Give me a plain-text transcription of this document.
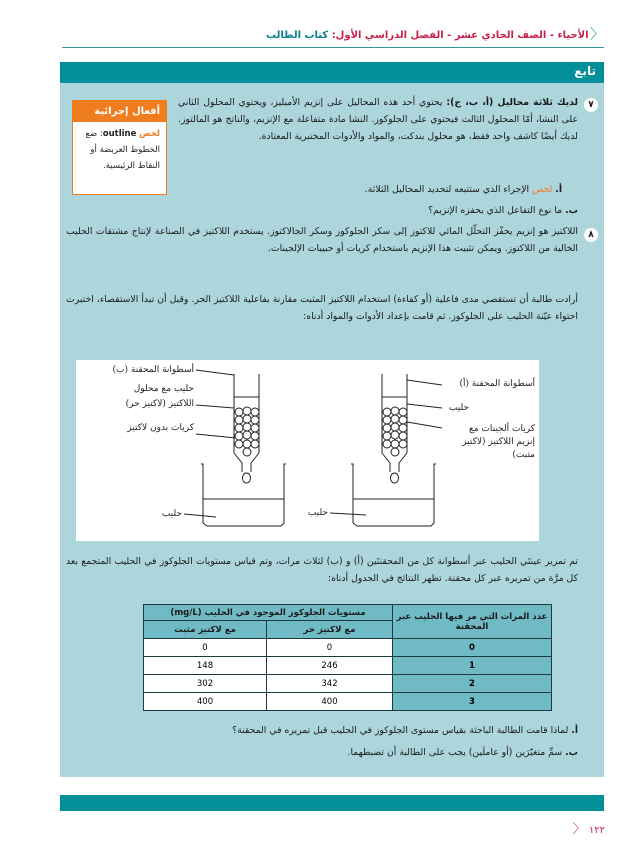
〈 الأحياء - الصف الحادي عشر - الفصل الدراسي الأول: كتاب الطالب
تابع
أفعال إجرائية
لخص outline: ضع الخطوط العريضة أو النقاط الرئيسية.
٧
لديك ثلاثة محاليل (أ، ب، ج): يحتوي أحد هذه المحاليل على إنزيم الأميليز، ويحتوي المحلول الثاني على النشا، أمّا المحلول الثالث فيحتوي على الجلوكوز. النشا مادة متفاعلة مع الإنزيم، والناتج هو المالتوز. لديك أيضًا كاشف واحد فقط، هو محلول بندكت، والمواد والأدوات المختبرية المعتادة.
أ. لخص الإجراء الذي ستتبعه لتحديد المحاليل الثلاثة.
ب. ما نوع التفاعل الذي يحفزه الإنزيم؟
٨
اللاكتيز هو إنزيم يحفّز التحلّل المائي للاكتوز إلى سكر الجلوكوز وسكر الجالاكتوز. يستخدم اللاكتيز في الصناعة لإنتاج مشتقات الحليب الخالية من اللاكتوز. ويمكن تثبيت هذا الإنزيم باستخدام كريات أو حبيبات الإلجينات.
أرادت طالبة أن تستقصي مدى فاعلية (أو كفاءة) استخدام اللاكتيز المثبت مقارنة بفاعلية اللاكتيز الحر. وقبل أن تبدأ الاستقصاء، اختبرت احتواء عيّنة الحليب على الجلوكوز. ثم قامت بإعداد الأدوات والمواد أدناه:
أسطوانة المحقنة (ب)
حليب مع محلول
اللاكتيز (لاكتيز حر)
كريات بدون لاكتيز
حليب
أسطوانة المحقنة (أ)
حليب
كريات ألجينات مع
إنزيم اللاكتيز (لاكتيز
مثبت)
حليب
تم تمرير عينتَي الحليب عبر أسطوانة كل من المحقنتَين (أ) و (ب) لثلاث مرات، وتم قياس مستويات الجلوكوز في الحليب المتجمع بعد كل مرَّة من تمريره عبر كل محقنة. تظهر النتائج في الجدول أدناه:
عدد المرات التي مر فيها الحليب عبر المحقنة	مستويات الجلوكوز الموجود في الحليب (mg/L)	
	مع لاكتيز حر	مع لاكتيز مثبت
0	0	0
1	246	148
2	342	302
3	400	400
أ. لماذا قامت الطالبة الباحثة بقياس مستوى الجلوكوز في الحليب قبل تمريره في المحقنة؟
ب. سمِّ متغيّرَين (أو عاملَين) يجب على الطالبة أن تضبطهما.
١٢٢ 〈
